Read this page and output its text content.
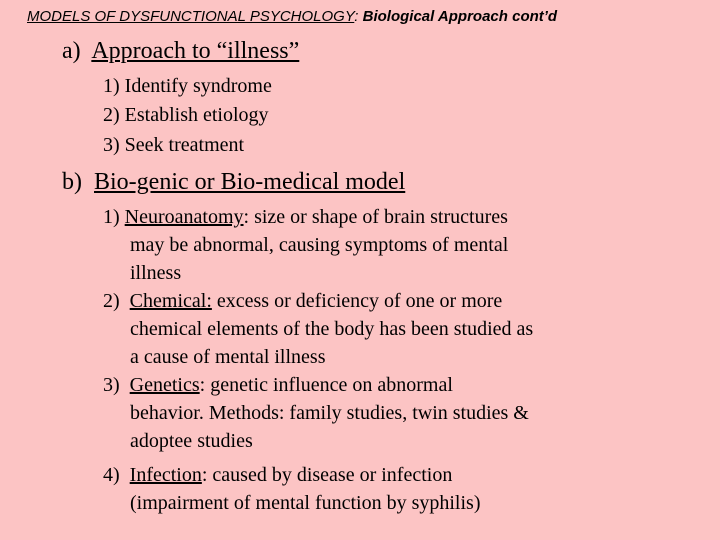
MODELS OF DYSFUNCTIONAL PSYCHOLOGY: Biological Approach cont’d
a) Approach to “illness”
1) Identify syndrome
2) Establish etiology
3) Seek treatment
b) Bio-genic or Bio-medical model
1) Neuroanatomy: size or shape of brain structures
may be abnormal, causing symptoms of mental
illness
2) Chemical: excess or deficiency of one or more
chemical elements of the body has been studied as
a cause of mental illness
3) Genetics: genetic influence on abnormal
behavior. Methods: family studies, twin studies &
adoptee studies
4) Infection: caused by disease or infection
(impairment of mental function by syphilis)
